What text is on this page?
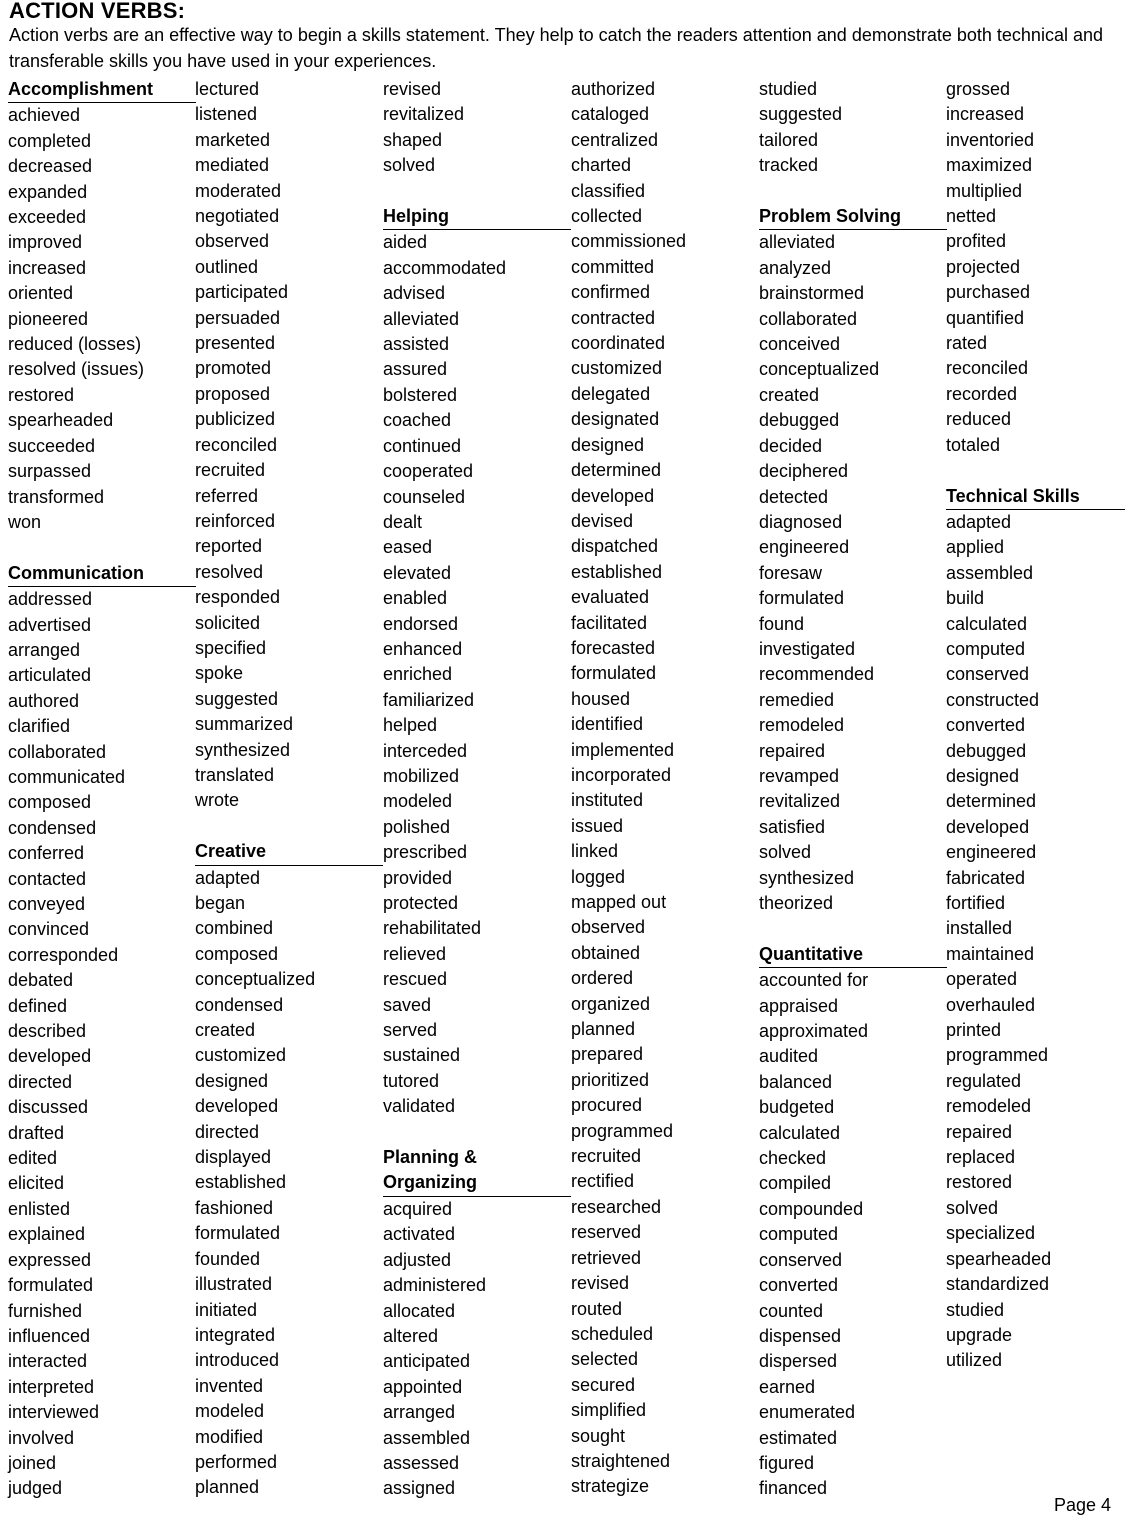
ACTION VERBS:
Action verbs are an effective way to begin a skills statement. They help to catch the readers attention and demonstrate both technical and transferable skills you have used in your experiences.
Accomplishment
achieved
completed
decreased
expanded
exceeded
improved
increased
oriented
pioneered
reduced (losses)
resolved (issues)
restored
spearheaded
succeeded
surpassed
transformed
won
Communication
addressed
advertised
arranged
articulated
authored
clarified
collaborated
communicated
composed
condensed
conferred
contacted
conveyed
convinced
corresponded
debated
defined
described
developed
directed
discussed
drafted
edited
elicited
enlisted
explained
expressed
formulated
furnished
influenced
interacted
interpreted
interviewed
involved
joined
judged
lectured
listened
marketed
mediated
moderated
negotiated
observed
outlined
participated
persuaded
presented
promoted
proposed
publicized
reconciled
recruited
referred
reinforced
reported
resolved
responded
solicited
specified
spoke
suggested
summarized
synthesized
translated
wrote
Creative
adapted
began
combined
composed
conceptualized
condensed
created
customized
designed
developed
directed
displayed
established
fashioned
formulated
founded
illustrated
initiated
integrated
introduced
invented
modeled
modified
performed
planned
revised
revitalized
shaped
solved
Helping
aided
accommodated
advised
alleviated
assisted
assured
bolstered
coached
continued
cooperated
counseled
dealt
eased
elevated
enabled
endorsed
enhanced
enriched
familiarized
helped
interceded
mobilized
modeled
polished
prescribed
provided
protected
rehabilitated
relieved
rescued
saved
served
sustained
tutored
validated
Planning &
Organizing
acquired
activated
adjusted
administered
allocated
altered
anticipated
appointed
arranged
assembled
assessed
assigned
authorized
cataloged
centralized
charted
classified
collected
commissioned
committed
confirmed
contracted
coordinated
customized
delegated
designated
designed
determined
developed
devised
dispatched
established
evaluated
facilitated
forecasted
formulated
housed
identified
implemented
incorporated
instituted
issued
linked
logged
mapped out
observed
obtained
ordered
organized
planned
prepared
prioritized
procured
programmed
recruited
rectified
researched
reserved
retrieved
revised
routed
scheduled
selected
secured
simplified
sought
straightened
strategize
studied
suggested
tailored
tracked
Problem Solving
alleviated
analyzed
brainstormed
collaborated
conceived
conceptualized
created
debugged
decided
deciphered
detected
diagnosed
engineered
foresaw
formulated
found
investigated
recommended
remedied
remodeled
repaired
revamped
revitalized
satisfied
solved
synthesized
theorized
Quantitative
accounted for
appraised
approximated
audited
balanced
budgeted
calculated
checked
compiled
compounded
computed
conserved
converted
counted
dispensed
dispersed
earned
enumerated
estimated
figured
financed
grossed
increased
inventoried
maximized
multiplied
netted
profited
projected
purchased
quantified
rated
reconciled
recorded
reduced
totaled
Technical Skills
adapted
applied
assembled
build
calculated
computed
conserved
constructed
converted
debugged
designed
determined
developed
engineered
fabricated
fortified
installed
maintained
operated
overhauled
printed
programmed
regulated
remodeled
repaired
replaced
restored
solved
specialized
spearheaded
standardized
studied
upgrade
utilized
Page 4
